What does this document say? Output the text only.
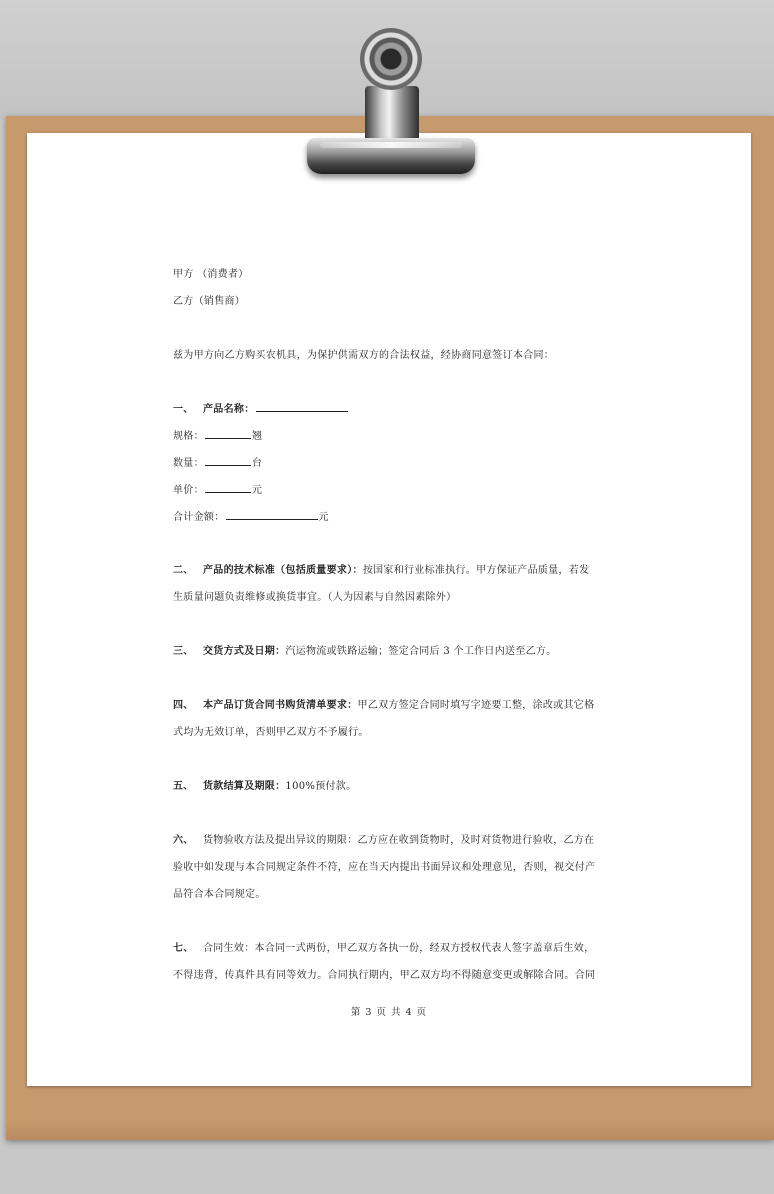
甲方 （消费者）
乙方（销售商）
兹为甲方向乙方购买农机具，为保护供需双方的合法权益，经协商同意签订本合同：
一、 产品名称：
规格：	翘
数量：	台
单价：	元
合计金额：	元
二、 产品的技术标准（包括质量要求）：按国家和行业标准执行。甲方保证产品质量，若发
生质量问题负责维修或换货事宜。（人为因素与自然因素除外）
三、 交货方式及日期：汽运物流或铁路运输；签定合同后 3 个工作日内送至乙方。
四、 本产品订货合同书购货清单要求：甲乙双方签定合同时填写字迹要工整，涂改或其它格
式均为无效订单，否则甲乙双方不予履行。
五、 货款结算及期限：100%预付款。
六、 货物验收方法及提出异议的期限：乙方应在收到货物时，及时对货物进行验收，乙方在
验收中如发现与本合同规定条件不符，应在当天内提出书面异议和处理意见，否则，视交付产
品符合本合同规定。
七、 合同生效：本合同一式两份，甲乙双方各执一份，经双方授权代表人签字盖章后生效，
不得违背，传真件具有同等效力。合同执行期内，甲乙双方均不得随意变更或解除合同。合同
第 3 页 共 4 页
